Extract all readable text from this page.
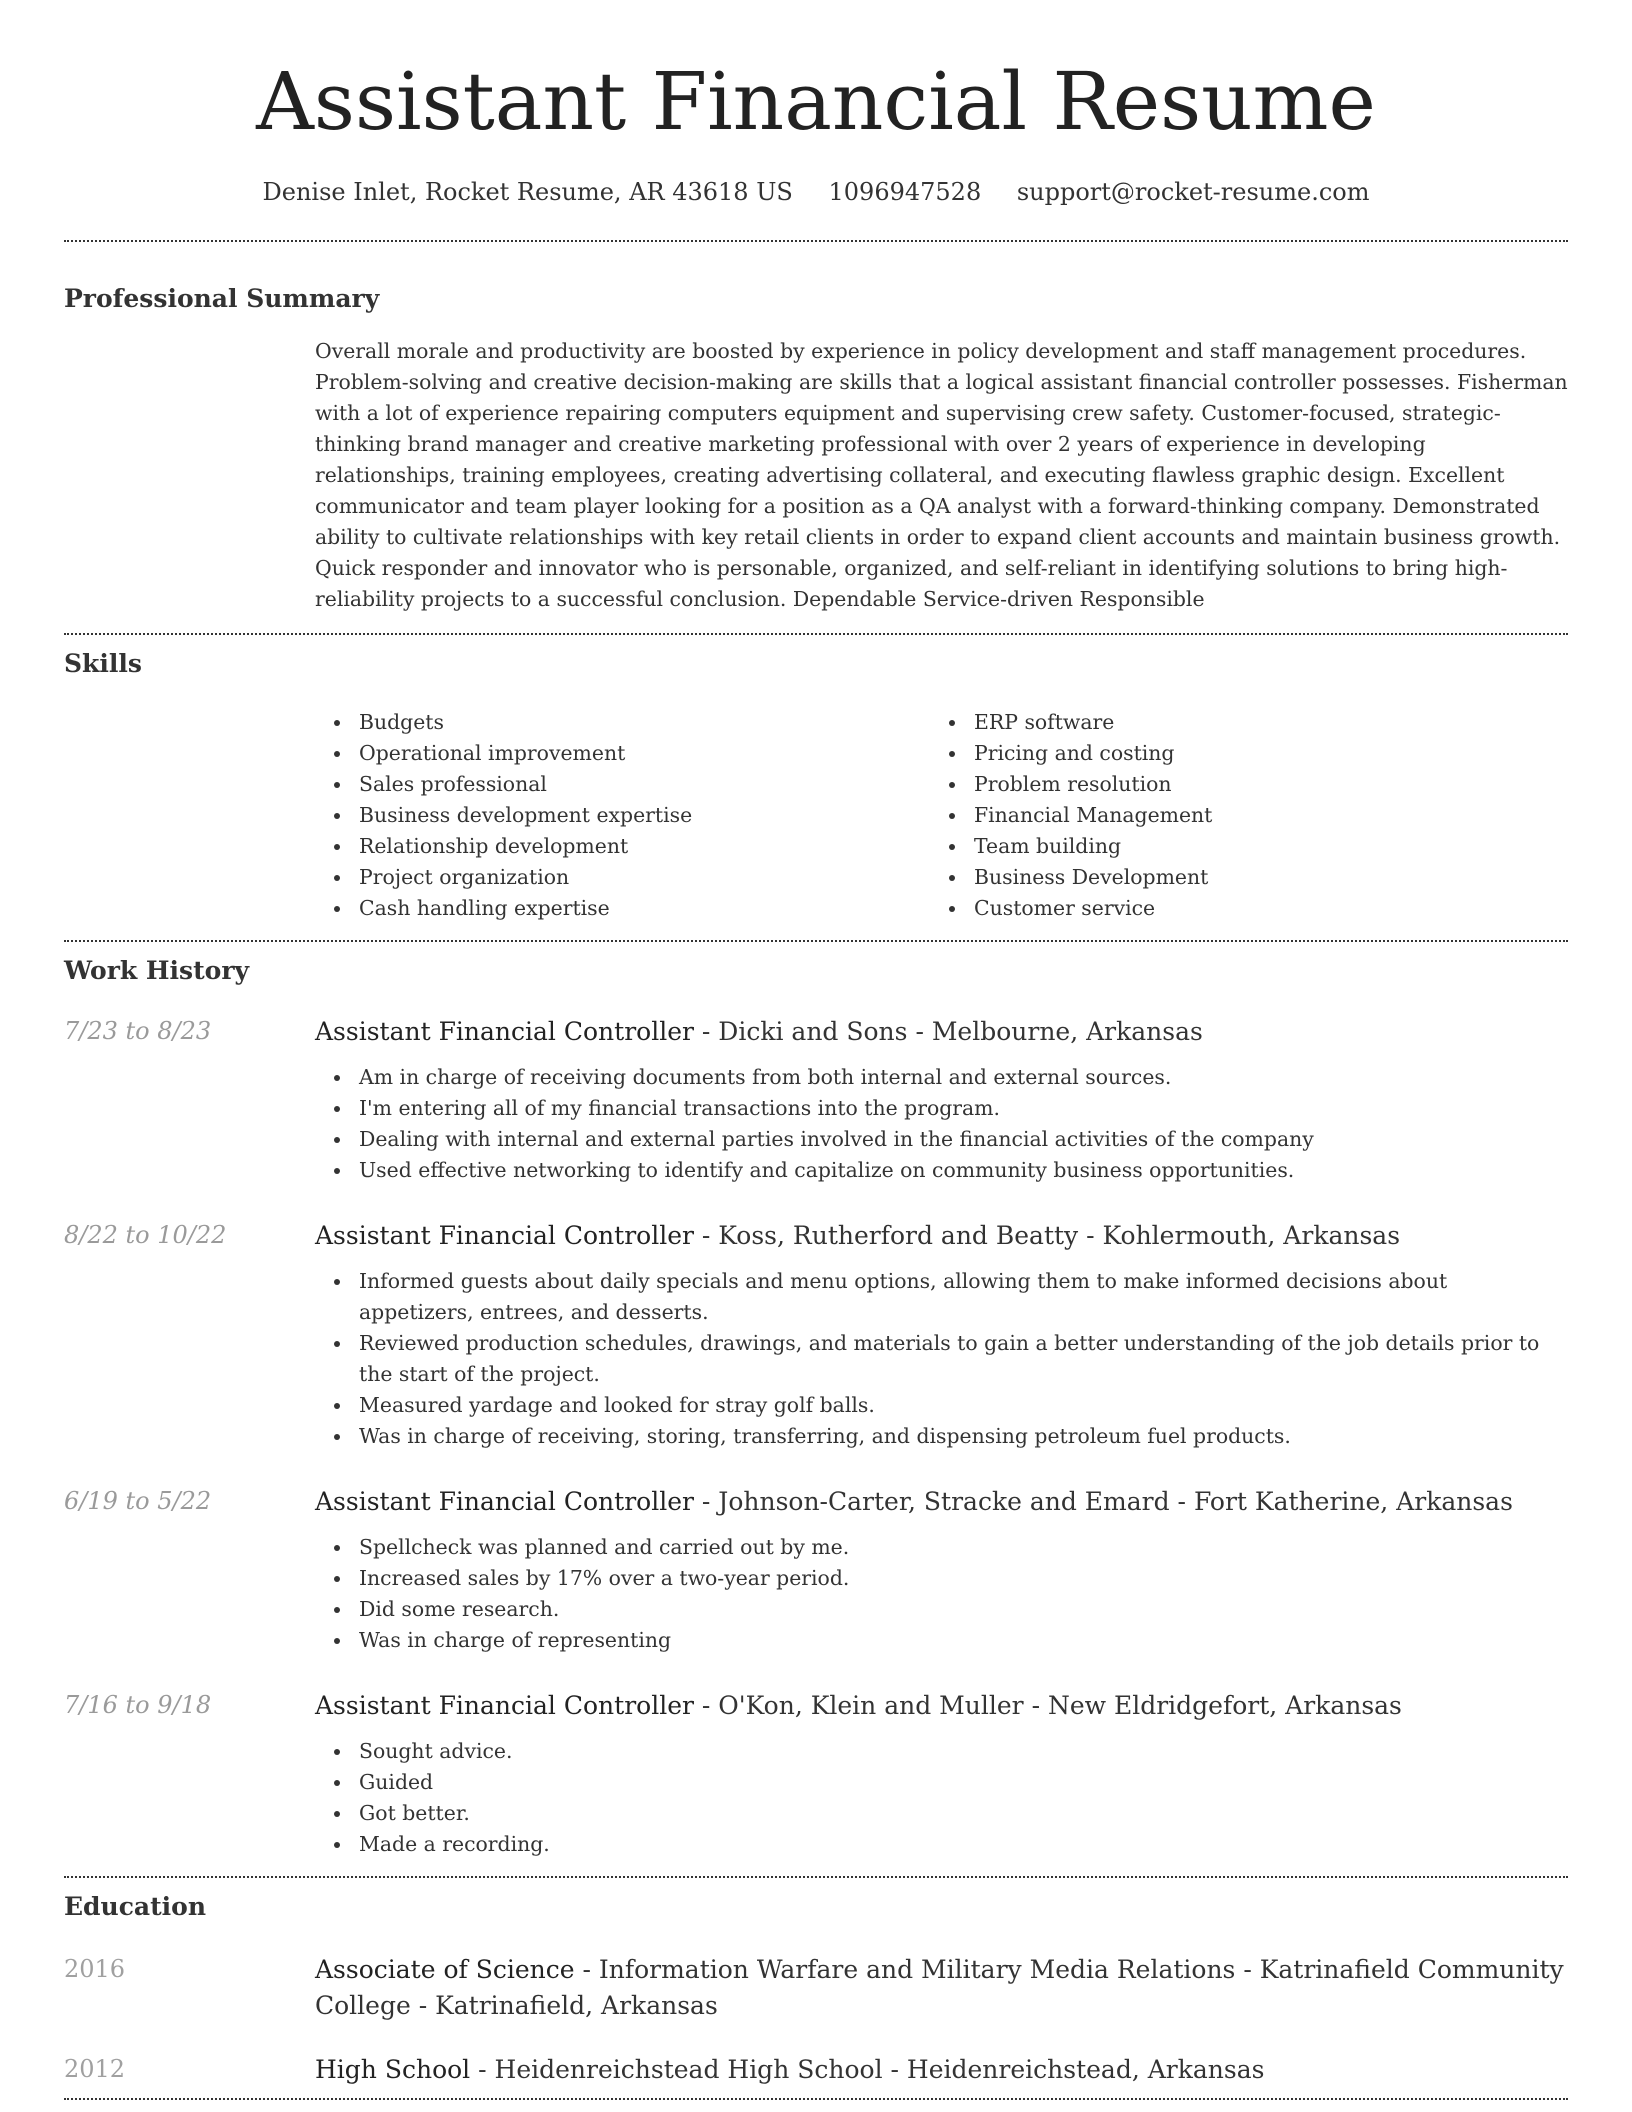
Assistant Financial Resume
Denise Inlet, Rocket Resume, AR 43618 US 1096947528 support@rocket-resume.com
Professional Summary

Overall morale and productivity are boosted by experience in policy development and staff management procedures. Problem-solving and creative decision-making are skills that a logical assistant financial controller possesses. Fisherman with a lot of experience repairing computers equipment and supervising crew safety. Customer-focused, strategic-thinking brand manager and creative marketing professional with over 2 years of experience in developing relationships, training employees, creating advertising collateral, and executing flawless graphic design. Excellent communicator and team player looking for a position as a QA analyst with a forward-thinking company. Demonstrated ability to cultivate relationships with key retail clients in order to expand client accounts and maintain business growth. Quick responder and innovator who is personable, organized, and self-reliant in identifying solutions to bring high-reliability projects to a successful conclusion. Dependable Service-driven Responsible

Skills
Budgets
Operational improvement
Sales professional
Business development expertise
Relationship development
Project organization
Cash handling expertise
ERP software
Pricing and costing
Problem resolution
Financial Management
Team building
Business Development
Customer service
Work History
7/23 to 8/23	Assistant Financial Controller - Dicki and Sons - Melbourne, Arkansas
Am in charge of receiving documents from both internal and external sources.
I'm entering all of my financial transactions into the program.
Dealing with internal and external parties involved in the financial activities of the company
Used effective networking to identify and capitalize on community business opportunities.
8/22 to 10/22	Assistant Financial Controller - Koss, Rutherford and Beatty - Kohlermouth, Arkansas
Informed guests about daily specials and menu options, allowing them to make informed decisions about appetizers, entrees, and desserts.
Reviewed production schedules, drawings, and materials to gain a better understanding of the job details prior to the start of the project.
Measured yardage and looked for stray golf balls.
Was in charge of receiving, storing, transferring, and dispensing petroleum fuel products.
6/19 to 5/22	Assistant Financial Controller - Johnson-Carter, Stracke and Emard - Fort Katherine, Arkansas
Spellcheck was planned and carried out by me.
Increased sales by 17% over a two-year period.
Did some research.
Was in charge of representing
7/16 to 9/18	Assistant Financial Controller - O'Kon, Klein and Muller - New Eldridgefort, Arkansas
Sought advice.
Guided
Got better.
Made a recording.
Education
2016	Associate of Science - Information Warfare and Military Media Relations - Katrinafield Community College - Katrinafield, Arkansas
2012	High School - Heidenreichstead High School - Heidenreichstead, Arkansas
